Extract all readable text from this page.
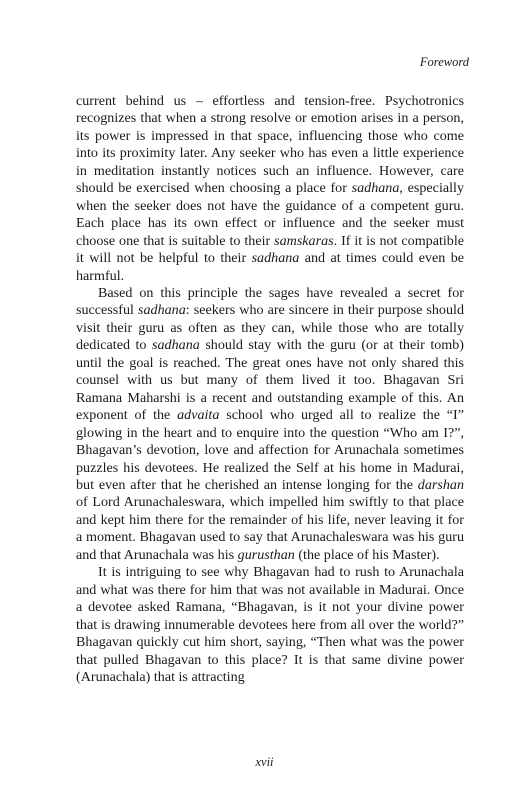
Foreword

current behind us – effortless and tension-free. Psychotronics recognizes that when a strong resolve or emotion arises in a person, its power is impressed in that space, influencing those who come into its proximity later. Any seeker who has even a little experience in meditation instantly notices such an influence. However, care should be exercised when choosing a place for sadhana, especially when the seeker does not have the guidance of a competent guru. Each place has its own effect or influence and the seeker must choose one that is suitable to their samskaras. If it is not compatible it will not be helpful to their sadhana and at times could even be harmful.

Based on this principle the sages have revealed a secret for successful sadhana: seekers who are sincere in their purpose should visit their guru as often as they can, while those who are totally dedicated to sadhana should stay with the guru (or at their tomb) until the goal is reached. The great ones have not only shared this counsel with us but many of them lived it too. Bhagavan Sri Ramana Maharshi is a recent and outstanding example of this. An exponent of the advaita school who urged all to realize the “I” glowing in the heart and to enquire into the question “Who am I?”, Bhagavan’s devotion, love and affection for Arunachala sometimes puzzles his devotees. He realized the Self at his home in Madurai, but even after that he cherished an intense longing for the darshan of Lord Arunachaleswara, which impelled him swiftly to that place and kept him there for the remainder of his life, never leaving it for a moment. Bhagavan used to say that Arunachaleswara was his guru and that Arunachala was his gurusthan (the place of his Master).

It is intriguing to see why Bhagavan had to rush to Arunachala and what was there for him that was not available in Madurai. Once a devotee asked Ramana, “Bhagavan, is it not your divine power that is drawing innumerable devotees here from all over the world?” Bhagavan quickly cut him short, saying, “Then what was the power that pulled Bhagavan to this place? It is that same divine power (Arunachala) that is attracting

xvii
